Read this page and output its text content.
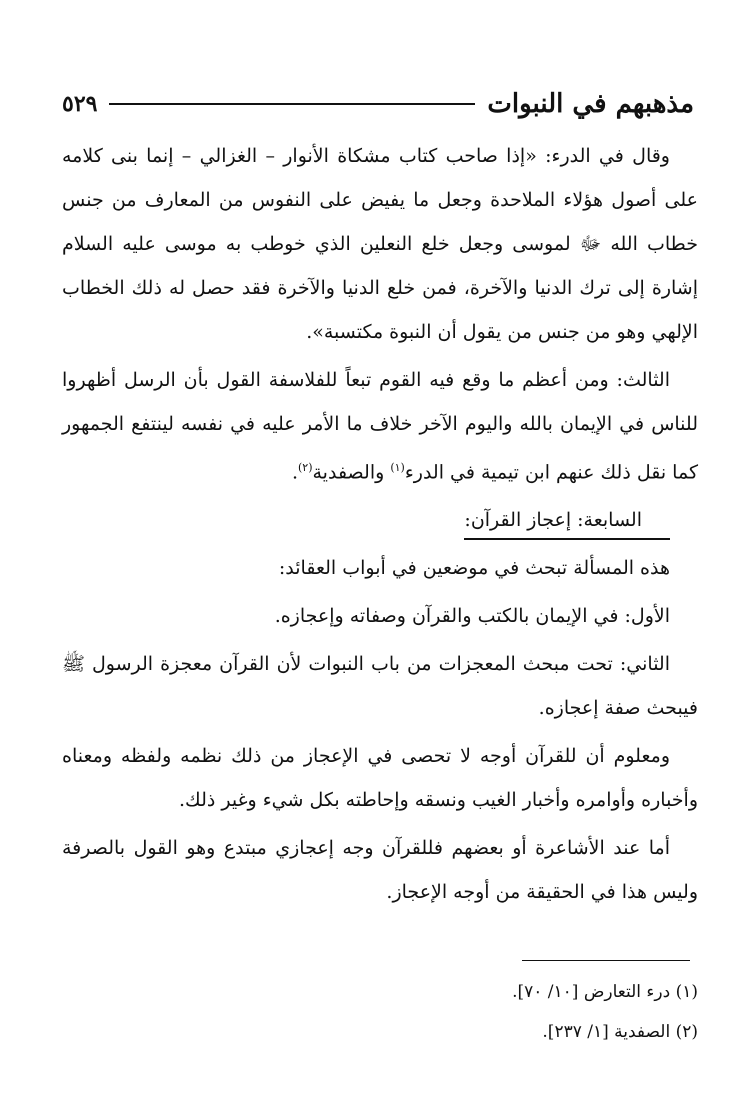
مذهبهم في النبوات
٥٢٩

وقال في الدرء: «إذا صاحب كتاب مشكاة الأنوار – الغزالي – إنما بنى كلامه على أصول هؤلاء الملاحدة وجعل ما يفيض على النفوس من المعارف من جنس خطاب الله ﷻ لموسى وجعل خلع النعلين الذي خوطب به موسى عليه السلام إشارة إلى ترك الدنيا والآخرة، فمن خلع الدنيا والآخرة فقد حصل له ذلك الخطاب الإلهي وهو من جنس من يقول أن النبوة مكتسبة».

الثالث: ومن أعظم ما وقع فيه القوم تبعاً للفلاسفة القول بأن الرسل أظهروا للناس في الإيمان بالله واليوم الآخر خلاف ما الأمر عليه في نفسه لينتفع الجمهور كما نقل ذلك عنهم ابن تيمية في الدرء$^{(١)}$ والصفدية$^{(٢)}$.

السابعة: إعجاز القرآن:

هذه المسألة تبحث في موضعين في أبواب العقائد:

الأول: في الإيمان بالكتب والقرآن وصفاته وإعجازه.

الثاني: تحت مبحث المعجزات من باب النبوات لأن القرآن معجزة الرسول ﷺ فيبحث صفة إعجازه.

ومعلوم أن للقرآن أوجه لا تحصى في الإعجاز من ذلك نظمه ولفظه ومعناه وأخباره وأوامره وأخبار الغيب ونسقه وإحاطته بكل شيء وغير ذلك.

أما عند الأشاعرة أو بعضهم فللقرآن وجه إعجازي مبتدع وهو القول بالصرفة وليس هذا في الحقيقة من أوجه الإعجاز.

(١) درء التعارض [١٠/ ٧٠].
(٢) الصفدية [١/ ٢٣٧].
